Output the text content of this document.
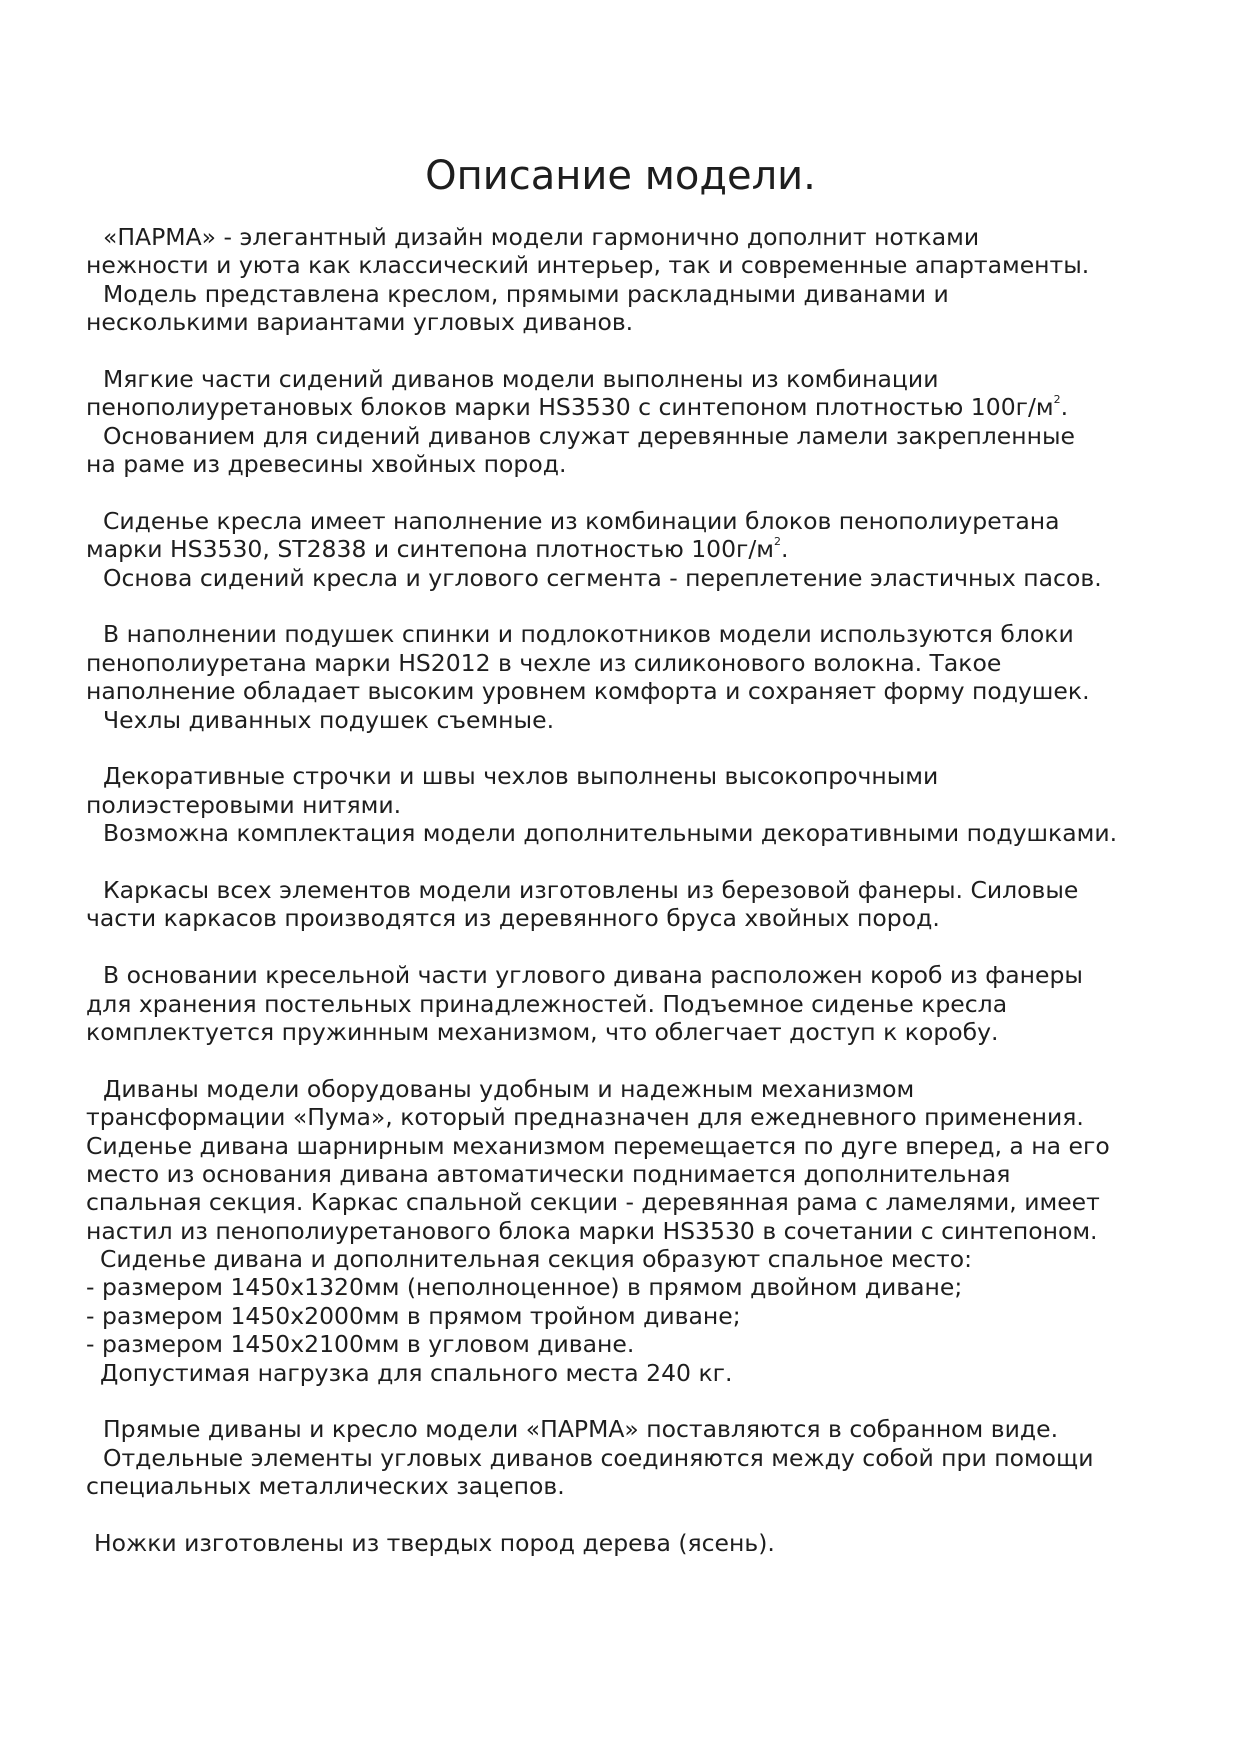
Описание модели.
«ПАРМА» - элегантный дизайн модели гармонично дополнит нотками
нежности и уюта как классический интерьер, так и современные апартаменты.
Модель представлена креслом, прямыми раскладными диванами и
несколькими вариантами угловых диванов.
Мягкие части сидений диванов модели выполнены из комбинации
пенополиуретановых блоков марки HS3530 с синтепоном плотностью $100г/м^2$.
Основанием для сидений диванов служат деревянные ламели закрепленные
на раме из древесины хвойных пород.
Сиденье кресла имеет наполнение из комбинации блоков пенополиуретана
марки HS3530, ST2838 и синтепона плотностью $100г/м^2$.
Основа сидений кресла и углового сегмента - переплетение эластичных пасов.
В наполнении подушек спинки и подлокотников модели используются блоки
пенополиуретана марки HS2012 в чехле из силиконового волокна. Такое
наполнение обладает высоким уровнем комфорта и сохраняет форму подушек.
Чехлы диванных подушек съемные.
Декоративные строчки и швы чехлов выполнены высокопрочными
полиэстеровыми нитями.
Возможна комплектация модели дополнительными декоративными подушками.
Каркасы всех элементов модели изготовлены из березовой фанеры. Силовые
части каркасов производятся из деревянного бруса хвойных пород.
В основании кресельной части углового дивана расположен короб из фанеры
для хранения постельных принадлежностей. Подъемное сиденье кресла
комплектуется пружинным механизмом, что облегчает доступ к коробу.
Диваны модели оборудованы удобным и надежным механизмом
трансформации «Пума», который предназначен для ежедневного применения.
Сиденье дивана шарнирным механизмом перемещается по дуге вперед, а на его
место из основания дивана автоматически поднимается дополнительная
спальная секция. Каркас спальной секции - деревянная рама с ламелями, имеет
настил из пенополиуретанового блока марки HS3530 в сочетании с синтепоном.
Сиденье дивана и дополнительная секция образуют спальное место:
- размером 1450х1320мм (неполноценное) в прямом двойном диване;
- размером 1450х2000мм в прямом тройном диване;
- размером 1450х2100мм в угловом диване.
Допустимая нагрузка для спального места 240 кг.
Прямые диваны и кресло модели «ПАРМА» поставляются в собранном виде.
Отдельные элементы угловых диванов соединяются между собой при помощи
специальных металлических зацепов.
Ножки изготовлены из твердых пород дерева (ясень).
